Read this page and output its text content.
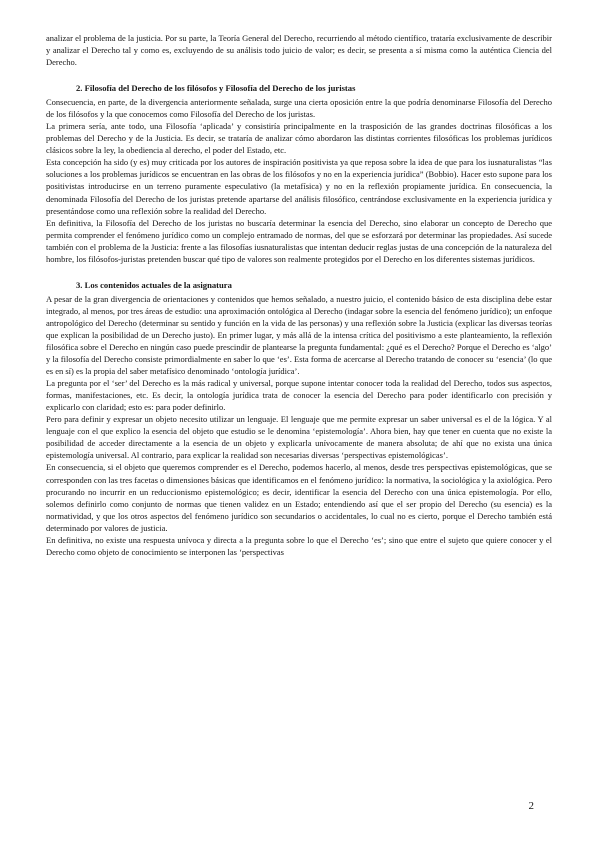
analizar el problema de la justicia. Por su parte, la Teoría General del Derecho, recurriendo al método científico, trataría exclusivamente de describir y analizar el Derecho tal y como es, excluyendo de su análisis todo juicio de valor; es decir, se presenta a sí misma como la auténtica Ciencia del Derecho.

2. Filosofía del Derecho de los filósofos y Filosofía del Derecho de los juristas

Consecuencia, en parte, de la divergencia anteriormente señalada, surge una cierta oposición entre la que podría denominarse Filosofía del Derecho de los filósofos y la que conocemos como Filosofía del Derecho de los juristas.

La primera sería, ante todo, una Filosofía ‘aplicada’ y consistiría principalmente en la trasposición de las grandes doctrinas filosóficas a los problemas del Derecho y de la Justicia. Es decir, se trataría de analizar cómo abordaron las distintas corrientes filosóficas los problemas jurídicos clásicos sobre la ley, la obediencia al derecho, el poder del Estado, etc.

Esta concepción ha sido (y es) muy criticada por los autores de inspiración positivista ya que reposa sobre la idea de que para los iusnaturalistas “las soluciones a los problemas jurídicos se encuentran en las obras de los filósofos y no en la experiencia jurídica” (Bobbio). Hacer esto supone para los positivistas introducirse en un terreno puramente especulativo (la metafísica) y no en la reflexión propiamente jurídica. En consecuencia, la denominada Filosofía del Derecho de los juristas pretende apartarse del análisis filosófico, centrándose exclusivamente en la experiencia jurídica y presentándose como una reflexión sobre la realidad del Derecho.

En definitiva, la Filosofía del Derecho de los juristas no buscaría determinar la esencia del Derecho, sino elaborar un concepto de Derecho que permita comprender el fenómeno jurídico como un complejo entramado de normas, del que se esforzará por determinar las propiedades. Así sucede también con el problema de la Justicia: frente a las filosofías iusnaturalistas que intentan deducir reglas justas de una concepción de la naturaleza del hombre, los filósofos-juristas pretenden buscar qué tipo de valores son realmente protegidos por el Derecho en los diferentes sistemas jurídicos.

3. Los contenidos actuales de la asignatura

A pesar de la gran divergencia de orientaciones y contenidos que hemos señalado, a nuestro juicio, el contenido básico de esta disciplina debe estar integrado, al menos, por tres áreas de estudio: una aproximación ontológica al Derecho (indagar sobre la esencia del fenómeno jurídico); un enfoque antropológico del Derecho (determinar su sentido y función en la vida de las personas) y una reflexión sobre la Justicia (explicar las diversas teorías que explican la posibilidad de un Derecho justo). En primer lugar, y más allá de la intensa crítica del positivismo a este planteamiento, la reflexión filosófica sobre el Derecho en ningún caso puede prescindir de plantearse la pregunta fundamental: ¿qué es el Derecho? Porque el Derecho es ‘algo’ y la filosofía del Derecho consiste primordialmente en saber lo que ‘es’. Esta forma de acercarse al Derecho tratando de conocer su ‘esencia’ (lo que es en sí) es la propia del saber metafísico denominado ‘ontología jurídica’.

La pregunta por el ‘ser’ del Derecho es la más radical y universal, porque supone intentar conocer toda la realidad del Derecho, todos sus aspectos, formas, manifestaciones, etc. Es decir, la ontología jurídica trata de conocer la esencia del Derecho para poder identificarlo con precisión y explicarlo con claridad; esto es: para poder definirlo.

Pero para definir y expresar un objeto necesito utilizar un lenguaje. El lenguaje que me permite expresar un saber universal es el de la lógica. Y al lenguaje con el que explico la esencia del objeto que estudio se le denomina ‘epistemología’. Ahora bien, hay que tener en cuenta que no existe la posibilidad de acceder directamente a la esencia de un objeto y explicarla unívocamente de manera absoluta; de ahí que no exista una única epistemología universal. Al contrario, para explicar la realidad son necesarias diversas ‘perspectivas epistemológicas’.

En consecuencia, si el objeto que queremos comprender es el Derecho, podemos hacerlo, al menos, desde tres perspectivas epistemológicas, que se corresponden con las tres facetas o dimensiones básicas que identificamos en el fenómeno jurídico: la normativa, la sociológica y la axiológica. Pero procurando no incurrir en un reduccionismo epistemológico; es decir, identificar la esencia del Derecho con una única epistemología. Por ello, solemos definirlo como conjunto de normas que tienen validez en un Estado; entendiendo así que el ser propio del Derecho (su esencia) es la normatividad, y que los otros aspectos del fenómeno jurídico son secundarios o accidentales, lo cual no es cierto, porque el Derecho también está determinado por valores de justicia.

En definitiva, no existe una respuesta unívoca y directa a la pregunta sobre lo que el Derecho ‘es’; sino que entre el sujeto que quiere conocer y el Derecho como objeto de conocimiento se interponen las ‘perspectivas

2
